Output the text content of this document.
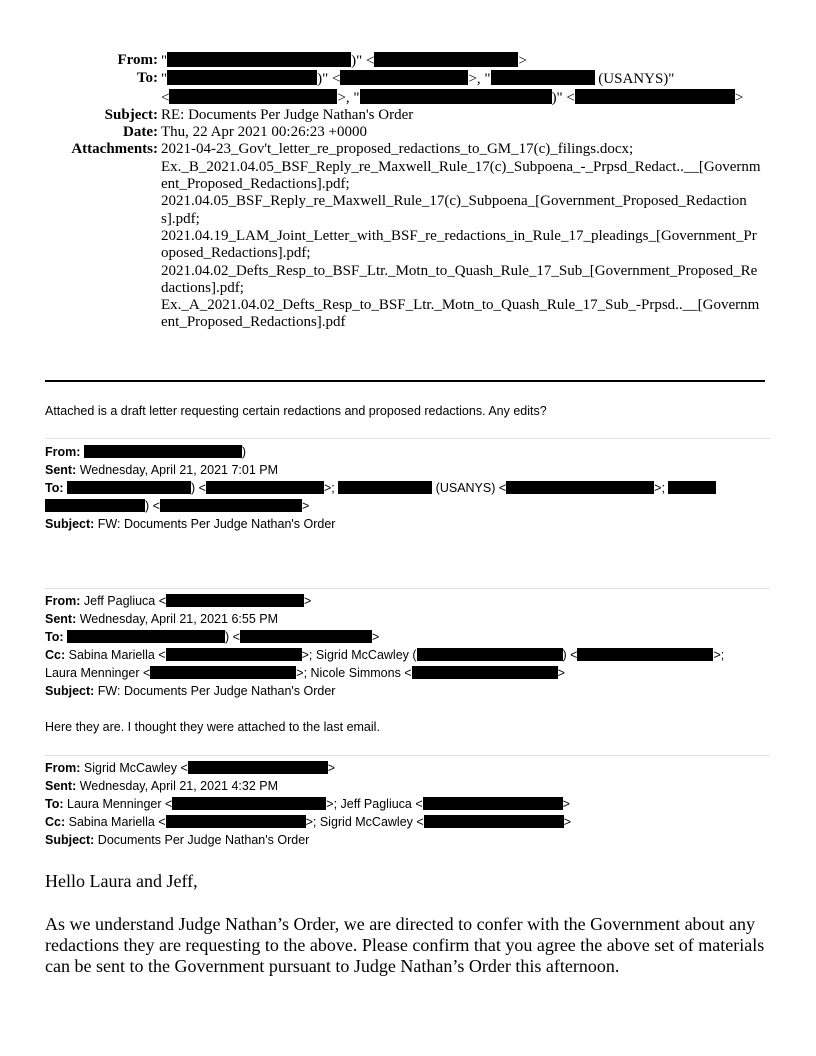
From: "	)" <	>
To: "	)" <	>, "	(USANYS)"
<	>, "	)" <	>
Subject: RE: Documents Per Judge Nathan's Order
Date: Thu, 22 Apr 2021 00:26:23 +0000
Attachments: 2021-04-23_Gov't_letter_re_proposed_redactions_to_GM_17(c)_filings.docx;
Ex._B_2021.04.05_BSF_Reply_re_Maxwell_Rule_17(c)_Subpoena_-_Prpsd_Redact..__[Government_Proposed_Redactions].pdf;
2021.04.05_BSF_Reply_re_Maxwell_Rule_17(c)_Subpoena_[Government_Proposed_Redactions].pdf;
2021.04.19_LAM_Joint_Letter_with_BSF_re_redactions_in_Rule_17_pleadings_[Government_Proposed_Redactions].pdf;
2021.04.02_Defts_Resp_to_BSF_Ltr._Motn_to_Quash_Rule_17_Sub_[Government_Proposed_Redactions].pdf;
Ex._A_2021.04.02_Defts_Resp_to_BSF_Ltr._Motn_to_Quash_Rule_17_Sub_-Prpsd..__[Government_Proposed_Redactions].pdf
Attached is a draft letter requesting certain redactions and proposed redactions. Any edits?
From:	)
Sent: Wednesday, April 21, 2021 7:01 PM
To:	) <	>;	(USANYS) <	>;
) <	>
Subject: FW: Documents Per Judge Nathan's Order
From: Jeff Pagliuca <	>
Sent: Wednesday, April 21, 2021 6:55 PM
To:	) <	>
Cc: Sabina Mariella <	>; Sigrid McCawley (	) <	>;
Laura Menninger <	>; Nicole Simmons <	>
Subject: FW: Documents Per Judge Nathan's Order
Here they are. I thought they were attached to the last email.
From: Sigrid McCawley <	>
Sent: Wednesday, April 21, 2021 4:32 PM
To: Laura Menninger <	>; Jeff Pagliuca <	>
Cc: Sabina Mariella <	>; Sigrid McCawley <	>
Subject: Documents Per Judge Nathan's Order
Hello Laura and Jeff,
As we understand Judge Nathan’s Order, we are directed to confer with the Government about any redactions they are requesting to the above. Please confirm that you agree the above set of materials can be sent to the Government pursuant to Judge Nathan’s Order this afternoon.
